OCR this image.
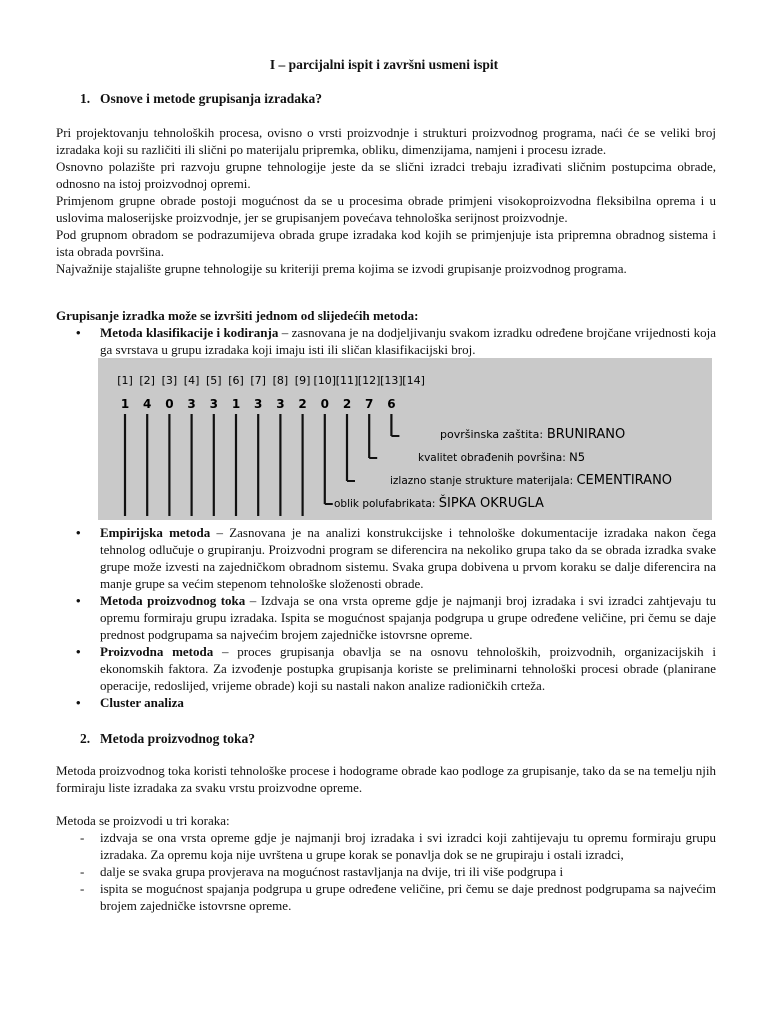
I – parcijalni ispit i završni usmeni ispit
1. Osnove i metode grupisanja izradaka?

Pri projektovanju tehnoloških procesa, ovisno o vrsti proizvodnje i strukturi proizvodnog programa, naći će se veliki broj izradaka koji su različiti ili slični po materijalu pripremka, obliku, dimenzijama, namjeni i procesu izrade.

Osnovno polazište pri razvoju grupne tehnologije jeste da se slični izradci trebaju izrađivati sličnim postupcima obrade, odnosno na istoj proizvodnoj opremi.

Primjenom grupne obrade postoji mogućnost da se u procesima obrade primjeni visokoproizvodna fleksibilna oprema i u uslovima maloserijske proizvodnje, jer se grupisanjem povećava tehnološka serijnost proizvodnje.

Pod grupnom obradom se podrazumijeva obrada grupe izradaka kod kojih se primjenjuje ista pripremna obradnog sistema i ista obrada površina.

Najvažnije stajalište grupne tehnologije su kriteriji prema kojima se izvodi grupisanje proizvodnog programa.

Grupisanje izradka može se izvršiti jednom od slijedećih metoda:
• Metoda klasifikacije i kodiranja – zasnovana je na dodjeljivanju svakom izradku određene brojčane vrijednosti koja ga svrstava u grupu izradaka koji imaju isti ili sličan klasifikacijski broj.
[1] [2] [3] [4] [5] [6] [7] [8] [9] [10] [11] [12] [13] [14]
1 4 0 3 3 1 3 3 2 0 2 7 6
površinska zaštita: BRUNIRANO
kvalitet obrađenih površina: N5
izlazno stanje strukture materijala: CEMENTIRANO
oblik polufabrikata: ŠIPKA OKRUGLA
• Empirijska metoda – Zasnovana je na analizi konstrukcijske i tehnološke dokumentacije izradaka nakon čega tehnolog odlučuje o grupiranju. Proizvodni program se diferencira na nekoliko grupa tako da se obrada izradka svake grupe može izvesti na zajedničkom obradnom sistemu. Svaka grupa dobivena u prvom koraku se dalje diferencira na manje grupe sa većim stepenom tehnološke složenosti obrade.
• Metoda proizvodnog toka – Izdvaja se ona vrsta opreme gdje je najmanji broj izradaka i svi izradci zahtjevaju tu opremu formiraju grupu izradaka. Ispita se mogućnost spajanja podgrupa u grupe određene veličine, pri čemu se daje prednost podgrupama sa najvećim brojem zajedničke istovrsne opreme.
• Proizvodna metoda – proces grupisanja obavlja se na osnovu tehnoloških, proizvodnih, organizacijskih i ekonomskih faktora. Za izvođenje postupka grupisanja koriste se preliminarni tehnološki procesi obrade (planirane operacije, redoslijed, vrijeme obrade) koji su nastali nakon analize radioničkih crteža.
• Cluster analiza
2. Metoda proizvodnog toka?
Metoda proizvodnog toka koristi tehnološke procese i hodograme obrade kao podloge za grupisanje, tako da se na temelju njih formiraju liste izradaka za svaku vrstu proizvodne opreme.
Metoda se proizvodi u tri koraka:
- izdvaja se ona vrsta opreme gdje je najmanji broj izradaka i svi izradci koji zahtijevaju tu opremu formiraju grupu izradaka. Za opremu koja nije uvrštena u grupe korak se ponavlja dok se ne grupiraju i ostali izradci,
- dalje se svaka grupa provjerava na mogućnost rastavljanja na dvije, tri ili više podgrupa i
- ispita se mogućnost spajanja podgrupa u grupe određene veličine, pri čemu se daje prednost podgrupama sa najvećim brojem zajedničke istovrsne opreme.
